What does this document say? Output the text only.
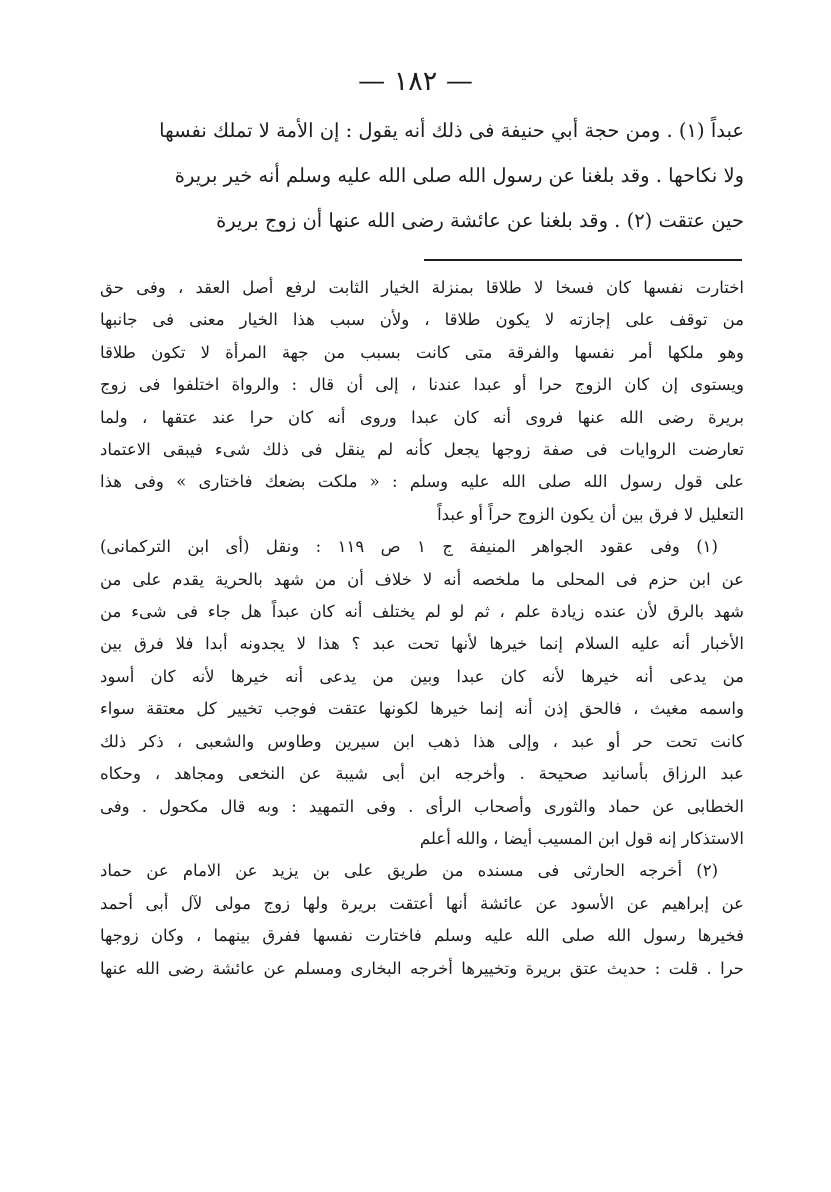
— ١٨٢ —

عبداً (١) . ومن حجة أبي حنيفة فى ذلك أنه يقول : إن الأمة لا تملك نفسها

ولا نكاحها . وقد بلغنا عن رسول الله صلى الله عليه وسلم أنه خير بريرة

حين عتقت (٢) . وقد بلغنا عن عائشة رضى الله عنها أن زوج بريرة

اختارت نفسها كان فسخا لا طلاقا بمنزلة الخيار الثابت لرفع أصل العقد ، وفى حق
من توقف على إجازته لا يكون طلاقا ، ولأن سبب هذا الخيار معنى فى جانبها
وهو ملكها أمر نفسها والفرقة متى كانت بسبب من جهة المرأة لا تكون طلاقا
ويستوى إن كان الزوج حرا أو عبدا عندنا ، إلى أن قال : والرواة اختلفوا فى زوج
بريرة رضى الله عنها فروى أنه كان عبدا وروى أنه كان حرا عند عتقها ، ولما
تعارضت الروايات فى صفة زوجها يجعل كأنه لم ينقل فى ذلك شىء فيبقى الاعتماد
على قول رسول الله صلى الله عليه وسلم : « ملكت بضعك فاختارى » وفى هذا
التعليل لا فرق بين أن يكون الزوج حراً أو عبداً
(١) وفى عقود الجواهر المنيفة ج ١ ص ١١٩ : ونقل (أى ابن التركمانى)
عن ابن حزم فى المحلى ما ملخصه أنه لا خلاف أن من شهد بالحرية يقدم على من
شهد بالرق لأن عنده زيادة علم ، ثم لو لم يختلف أنه كان عبداً هل جاء فى شىء من
الأخبار أنه عليه السلام إنما خيرها لأنها تحت عبد ؟ هذا لا يجدونه أبدا فلا فرق بين
من يدعى أنه خيرها لأنه كان عبدا وبين من يدعى أنه خيرها لأنه كان أسود
واسمه مغيث ، فالحق إذن أنه إنما خيرها لكونها عتقت فوجب تخيير كل معتقة سواء
كانت تحت حر أو عبد ، وإلى هذا ذهب ابن سيرين وطاوس والشعبى ، ذكر ذلك
عبد الرزاق بأسانيد صحيحة . وأخرجه ابن أبى شيبة عن النخعى ومجاهد ، وحكاه
الخطابى عن حماد والثورى وأصحاب الرأى . وفى التمهيد : وبه قال مكحول . وفى
الاستذكار إنه قول ابن المسيب أيضا ، والله أعلم
(٢) أخرجه الحارثى فى مسنده من طريق على بن يزيد عن الامام عن حماد
عن إبراهيم عن الأسود عن عائشة أنها أعتقت بريرة ولها زوج مولى لآل أبى أحمد
فخيرها رسول الله صلى الله عليه وسلم فاختارت نفسها ففرق بينهما ، وكان زوجها
حرا . قلت : حديث عتق بريرة وتخييرها أخرجه البخارى ومسلم عن عائشة رضى الله عنها
